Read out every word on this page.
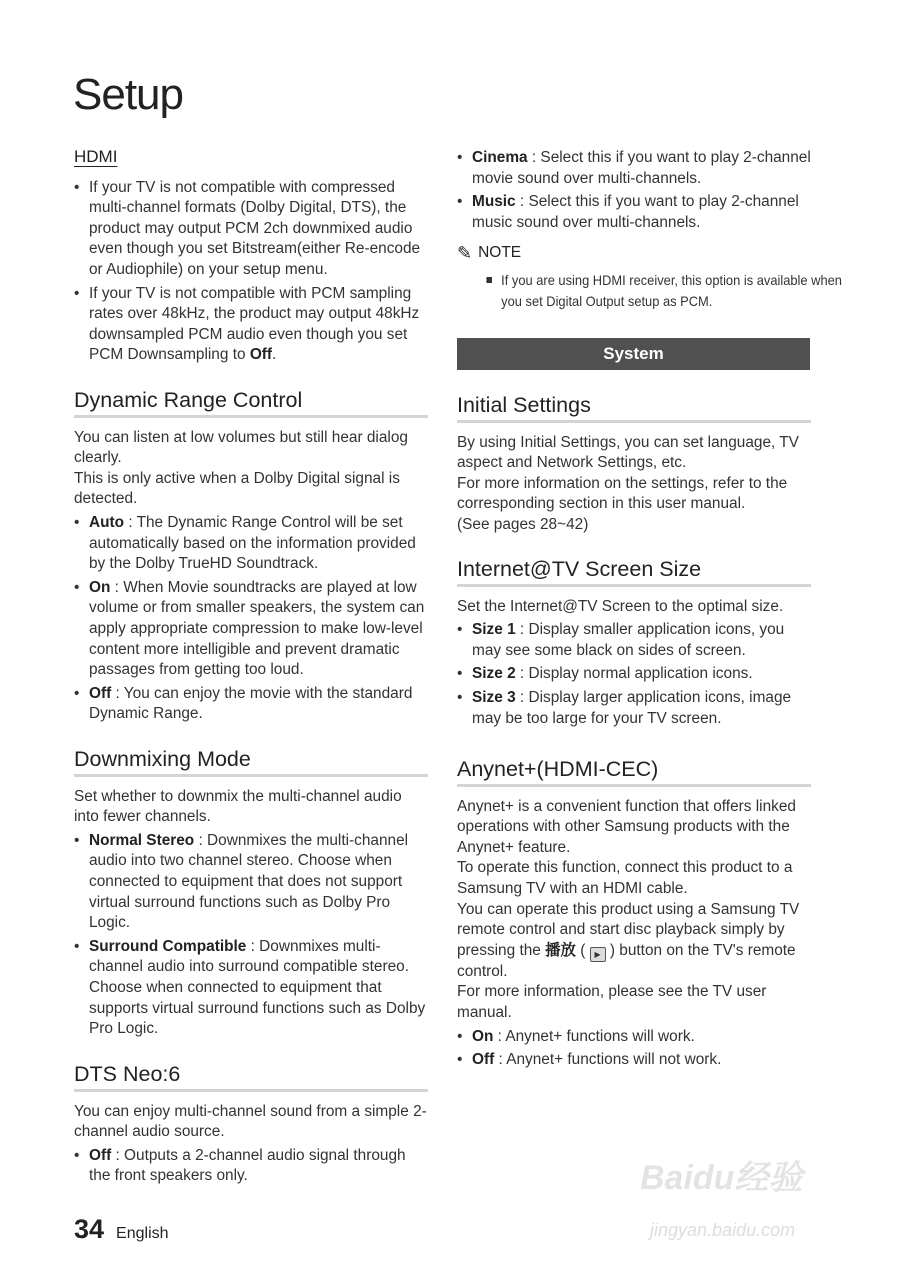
Setup
HDMI
• If your TV is not compatible with compressed multi-channel formats (Dolby Digital, DTS), the product may output PCM 2ch downmixed audio even though you set Bitstream(either Re-encode or Audiophile) on your setup menu.
• If your TV is not compatible with PCM sampling rates over 48kHz, the product may output 48kHz downsampled PCM audio even though you set PCM Downsampling to Off.
Dynamic Range Control

You can listen at low volumes but still hear dialog clearly.

This is only active when a Dolby Digital signal is detected.

• Auto : The Dynamic Range Control will be set automatically based on the information provided by the Dolby TrueHD Soundtrack.
• On : When Movie soundtracks are played at low volume or from smaller speakers, the system can apply appropriate compression to make low-level content more intelligible and prevent dramatic passages from getting too loud.
• Off : You can enjoy the movie with the standard Dynamic Range.
Downmixing Mode

Set whether to downmix the multi-channel audio into fewer channels.

• Normal Stereo : Downmixes the multi-channel audio into two channel stereo. Choose when connected to equipment that does not support virtual surround functions such as Dolby Pro Logic.
• Surround Compatible : Downmixes multi-channel audio into surround compatible stereo. Choose when connected to equipment that supports virtual surround functions such as Dolby Pro Logic.
DTS Neo:6

You can enjoy multi-channel sound from a simple 2-channel audio source.

• Off : Outputs a 2-channel audio signal through the front speakers only.
• Cinema : Select this if you want to play 2-channel movie sound over multi-channels.
• Music : Select this if you want to play 2-channel music sound over multi-channels.
✎ NOTE
If you are using HDMI receiver, this option is available when you set Digital Output setup as PCM.
Initial Settings

By using Initial Settings, you can set language, TV aspect and Network Settings, etc.

For more information on the settings, refer to the corresponding section in this user manual.

(See pages 28~42)

Internet@TV Screen Size

Set the Internet@TV Screen to the optimal size.

• Size 1 : Display smaller application icons, you may see some black on sides of screen.
• Size 2 : Display normal application icons.
• Size 3 : Display larger application icons, image may be too large for your TV screen.
Anynet+(HDMI-CEC)

Anynet+ is a convenient function that offers linked operations with other Samsung products with the Anynet+ feature.

To operate this function, connect this product to a Samsung TV with an HDMI cable.

You can operate this product using a Samsung TV remote control and start disc playback simply by pressing the 播放 ( ▶ ) button on the TV's remote control.

For more information, please see the TV user manual.

• On : Anynet+ functions will work.
• Off : Anynet+ functions will not work.
System
34 English
Baidu经验
jingyan.baidu.com
